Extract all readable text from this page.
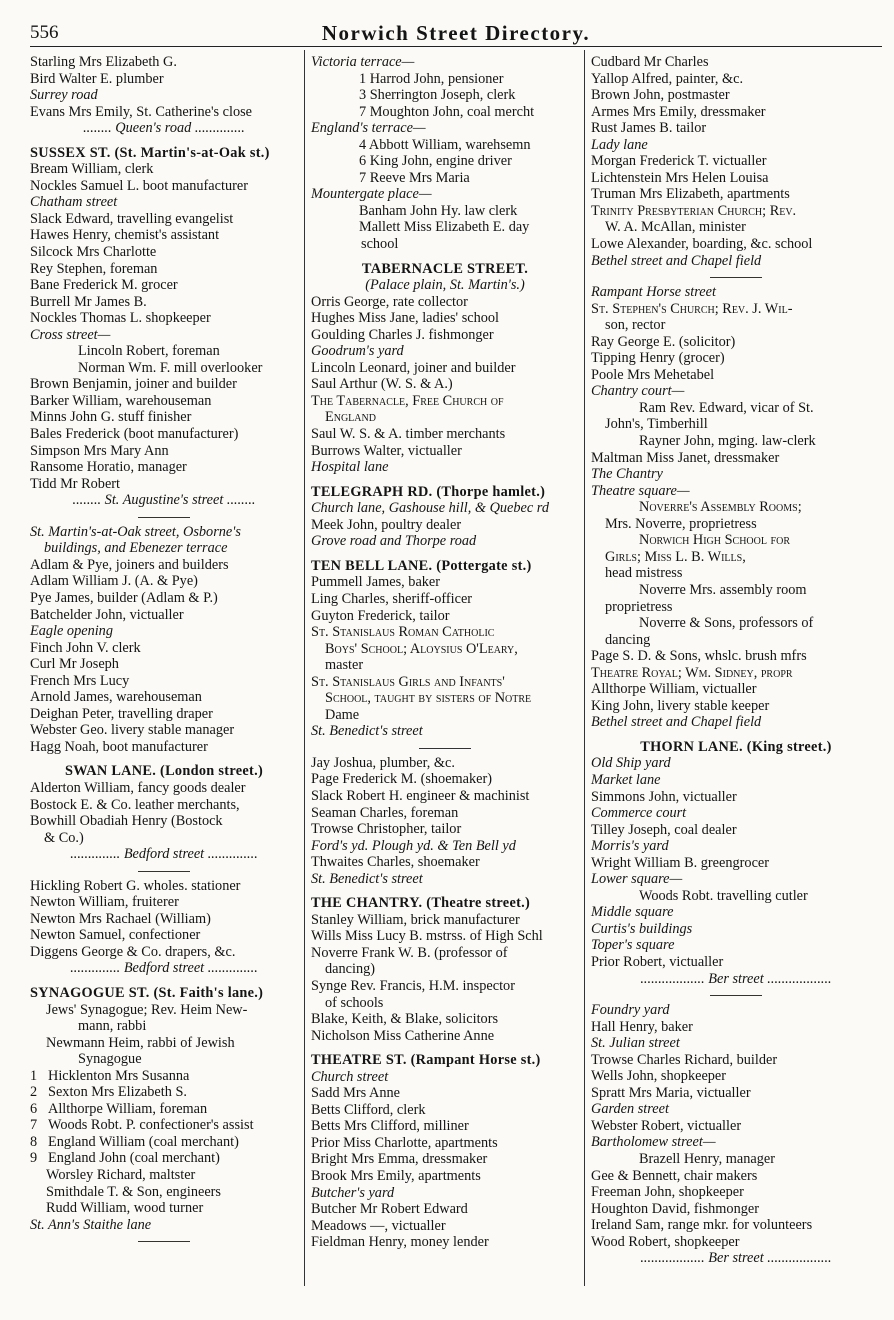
556	Norwich Street Directory.
Starling Mrs Elizabeth G.
Bird Walter E. plumber
Surrey road
Evans Mrs Emily, St. Catherine's close
........ Queen's road ..............
SUSSEX ST. (St. Martin's-at-Oak st.)
Bream William, clerk
Nockles Samuel L. boot manufacturer
Chatham street
Slack Edward, travelling evangelist
Hawes Henry, chemist's assistant
Silcock Mrs Charlotte
Rey Stephen, foreman
Bane Frederick M. grocer
Burrell Mr James B.
Nockles Thomas L. shopkeeper
Cross street—
Lincoln Robert, foreman
Norman Wm. F. mill overlooker
Brown Benjamin, joiner and builder
Barker William, warehouseman
Minns John G. stuff finisher
Bales Frederick (boot manufacturer)
Simpson Mrs Mary Ann
Ransome Horatio, manager
Tidd Mr Robert
........ St. Augustine's street ........
St. Martin's-at-Oak street, Osborne's
buildings, and Ebenezer terrace
Adlam & Pye, joiners and builders
Adlam William J. (A. & Pye)
Pye James, builder (Adlam & P.)
Batchelder John, victualler
Eagle opening
Finch John V. clerk
Curl Mr Joseph
French Mrs Lucy
Arnold James, warehouseman
Deighan Peter, travelling draper
Webster Geo. livery stable manager
Hagg Noah, boot manufacturer
SWAN LANE. (London street.)
Alderton William, fancy goods dealer
Bostock E. & Co. leather merchants,
Bowhill Obadiah Henry (Bostock
& Co.)
.............. Bedford street ..............
Hickling Robert G. wholes. stationer
Newton William, fruiterer
Newton Mrs Rachael (William)
Newton Samuel, confectioner
Diggens George & Co. drapers, &c.
.............. Bedford street ..............
SYNAGOGUE ST. (St. Faith's lane.)
Jews' Synagogue; Rev. Heim New-
mann, rabbi
Newmann Heim, rabbi of Jewish
Synagogue
1 Hicklenton Mrs Susanna
2 Sexton Mrs Elizabeth S.
6 Allthorpe William, foreman
7 Woods Robt. P. confectioner's assist
8 England William (coal merchant)
9 England John (coal merchant)
Worsley Richard, maltster
Smithdale T. & Son, engineers
Rudd William, wood turner
St. Ann's Staithe lane
Victoria terrace—
1 Harrod John, pensioner
3 Sherrington Joseph, clerk
7 Moughton John, coal mercht
England's terrace—
4 Abbott William, warehsemn
6 King John, engine driver
7 Reeve Mrs Maria
Mountergate place—
Banham John Hy. law clerk
Mallett Miss Elizabeth E. day
school
TABERNACLE STREET.
(Palace plain, St. Martin's.)
Orris George, rate collector
Hughes Miss Jane, ladies' school
Goulding Charles J. fishmonger
Goodrum's yard
Lincoln Leonard, joiner and builder
Saul Arthur (W. S. & A.)
The Tabernacle, Free Church of
England
Saul W. S. & A. timber merchants
Burrows Walter, victualler
Hospital lane
TELEGRAPH RD. (Thorpe hamlet.)
Church lane, Gashouse hill, & Quebec rd
Meek John, poultry dealer
Grove road and Thorpe road
TEN BELL LANE. (Pottergate st.)
Pummell James, baker
Ling Charles, sheriff-officer
Guyton Frederick, tailor
St. Stanislaus Roman Catholic
Boys' School; Aloysius O'Leary,
master
St. Stanislaus Girls and Infants'
School, taught by sisters of Notre
Dame
St. Benedict's street
Jay Joshua, plumber, &c.
Page Frederick M. (shoemaker)
Slack Robert H. engineer & machinist
Seaman Charles, foreman
Trowse Christopher, tailor
Ford's yd. Plough yd. & Ten Bell yd
Thwaites Charles, shoemaker
St. Benedict's street
THE CHANTRY. (Theatre street.)
Stanley William, brick manufacturer
Wills Miss Lucy B. mstrss. of High Schl
Noverre Frank W. B. (professor of
dancing)
Synge Rev. Francis, H.M. inspector
of schools
Blake, Keith, & Blake, solicitors
Nicholson Miss Catherine Anne
THEATRE ST. (Rampant Horse st.)
Church street
Sadd Mrs Anne
Betts Clifford, clerk
Betts Mrs Clifford, milliner
Prior Miss Charlotte, apartments
Bright Mrs Emma, dressmaker
Brook Mrs Emily, apartments
Butcher's yard
Butcher Mr Robert Edward
Meadows —, victualler
Fieldman Henry, money lender
Cudbard Mr Charles
Yallop Alfred, painter, &c.
Brown John, postmaster
Armes Mrs Emily, dressmaker
Rust James B. tailor
Lady lane
Morgan Frederick T. victualler
Lichtenstein Mrs Helen Louisa
Truman Mrs Elizabeth, apartments
Trinity Presbyterian Church; Rev.
W. A. McAllan, minister
Lowe Alexander, boarding, &c. school
Bethel street and Chapel field
Rampant Horse street
St. Stephen's Church; Rev. J. Wil-
son, rector
Ray George E. (solicitor)
Tipping Henry (grocer)
Poole Mrs Mehetabel
Chantry court—
Ram Rev. Edward, vicar of St.
John's, Timberhill
Rayner John, mging. law-clerk
Maltman Miss Janet, dressmaker
The Chantry
Theatre square—
Noverre's Assembly Rooms;
Mrs. Noverre, proprietress
Norwich High School for
Girls; Miss L. B. Wills,
head mistress
Noverre Mrs. assembly room
proprietress
Noverre & Sons, professors of
dancing
Page S. D. & Sons, whslc. brush mfrs
Theatre Royal; Wm. Sidney, propr
Allthorpe William, victualler
King John, livery stable keeper
Bethel street and Chapel field
THORN LANE. (King street.)
Old Ship yard
Market lane
Simmons John, victualler
Commerce court
Tilley Joseph, coal dealer
Morris's yard
Wright William B. greengrocer
Lower square—
Woods Robt. travelling cutler
Middle square
Curtis's buildings
Toper's square
Prior Robert, victualler
.................. Ber street ..................
Foundry yard
Hall Henry, baker
St. Julian street
Trowse Charles Richard, builder
Wells John, shopkeeper
Spratt Mrs Maria, victualler
Garden street
Webster Robert, victualler
Bartholomew street—
Brazell Henry, manager
Gee & Bennett, chair makers
Freeman John, shopkeeper
Houghton David, fishmonger
Ireland Sam, range mkr. for volunteers
Wood Robert, shopkeeper
.................. Ber street ..................
